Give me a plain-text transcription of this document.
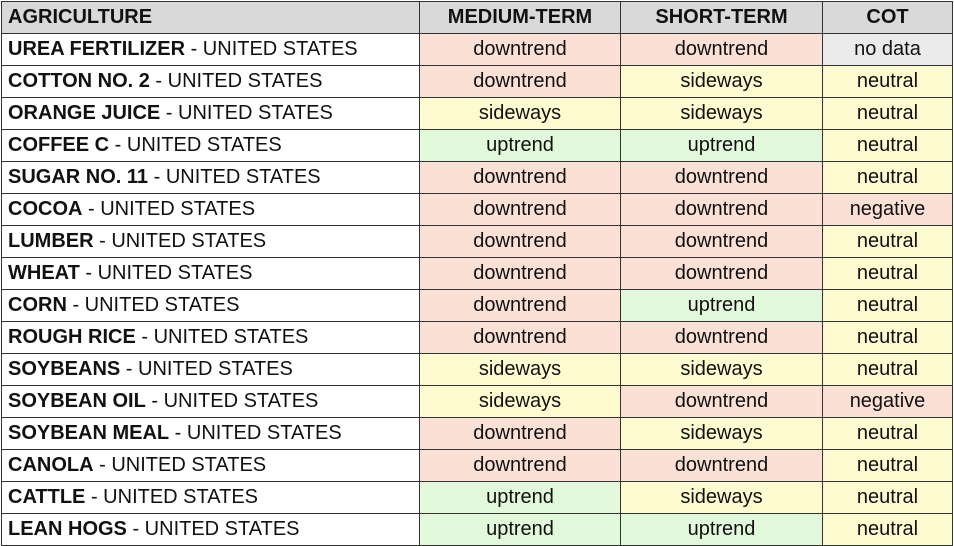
AGRICULTURE	MEDIUM-TERM	SHORT-TERM	COT
UREA FERTILIZER - UNITED STATES	downtrend	downtrend	no data
COTTON NO. 2 - UNITED STATES	downtrend	sideways	neutral
ORANGE JUICE - UNITED STATES	sideways	sideways	neutral
COFFEE C - UNITED STATES	uptrend	uptrend	neutral
SUGAR NO. 11 - UNITED STATES	downtrend	downtrend	neutral
COCOA - UNITED STATES	downtrend	downtrend	negative
LUMBER - UNITED STATES	downtrend	downtrend	neutral
WHEAT - UNITED STATES	downtrend	downtrend	neutral
CORN - UNITED STATES	downtrend	uptrend	neutral
ROUGH RICE - UNITED STATES	downtrend	downtrend	neutral
SOYBEANS - UNITED STATES	sideways	sideways	neutral
SOYBEAN OIL - UNITED STATES	sideways	downtrend	negative
SOYBEAN MEAL - UNITED STATES	downtrend	sideways	neutral
CANOLA - UNITED STATES	downtrend	downtrend	neutral
CATTLE - UNITED STATES	uptrend	sideways	neutral
LEAN HOGS - UNITED STATES	uptrend	uptrend	neutral
